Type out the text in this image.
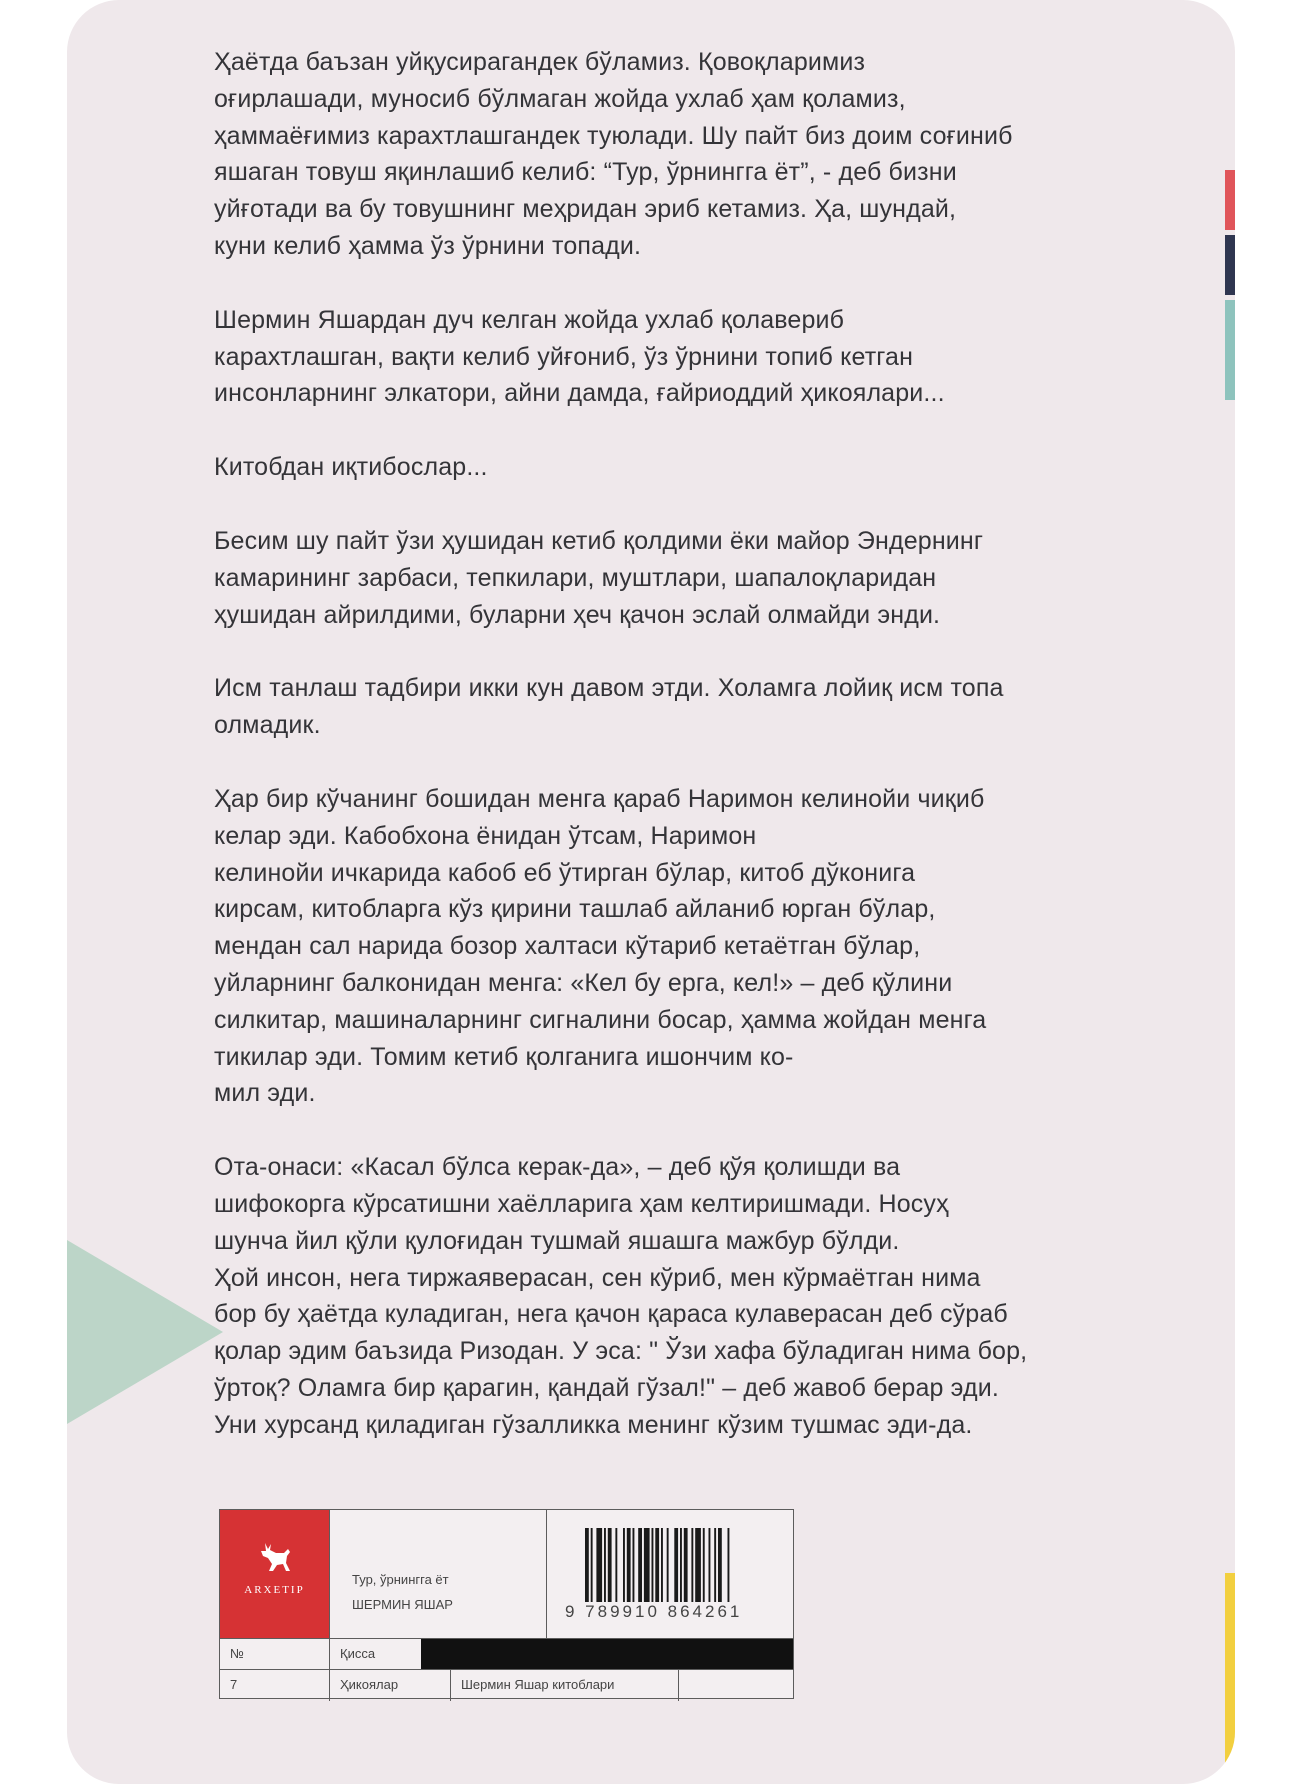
Ҳаётда баъзан уйқусирагандек бўламиз. Қовоқларимиз
оғирлашади, муносиб бўлмаган жойда ухлаб ҳам қоламиз,
ҳаммаёғимиз карахтлашгандек туюлади. Шу пайт биз доим соғиниб
яшаган товуш яқинлашиб келиб: “Тур, ўрнингга ёт”, - деб бизни
уйғотади ва бу товушнинг меҳридан эриб кетамиз. Ҳа, шундай,
куни келиб ҳамма ўз ўрнини топади.

Шермин Яшардан дуч келган жойда ухлаб қолавериб
карахтлашган, вақти келиб уйғониб, ўз ўрнини топиб кетган
инсонларнинг элкатори, айни дамда, ғайриоддий ҳикоялари...

Китобдан иқтибослар...

Бесим шу пайт ўзи ҳушидан кетиб қолдими ёки майор Эндернинг
камарининг зарбаси, тепкилари, муштлари, шапалоқларидан
ҳушидан айрилдими, буларни ҳеч қачон эслай олмайди энди.

Исм танлаш тадбири икки кун давом этди. Холамга лойиқ исм топа
олмадик.

Ҳар бир кўчанинг бошидан менга қараб Наримон келинойи чиқиб
келар эди. Кабобхона ёнидан ўтсам, Наримон
келинойи ичкарида кабоб еб ўтирган бўлар, китоб дўконига
кирсам, китобларга кўз қирини ташлаб айланиб юрган бўлар,
мендан сал нарида бозор халтаси кўтариб кетаётган бўлар,
уйларнинг балконидан менга: «Кел бу ерга, кел!» – деб қўлини
силкитар, машиналарнинг сигналини босар, ҳамма жойдан менга
тикилар эди. Томим кетиб қолганига ишончим ко-
мил эди.

Ота-онаси: «Касал бўлса керак-да», – деб қўя қолишди ва
шифокорга кўрсатишни хаёлларига ҳам келтиришмади. Носуҳ
шунча йил қўли қулоғидан тушмай яшашга мажбур бўлди.
Ҳой инсон, нега тиржаяверасан, сен кўриб, мен кўрмаётган нима
бор бу ҳаётда куладиган, нега қачон қараса кулаверасан деб сўраб
қолар эдим баъзида Ризодан. У эса: " Ўзи хафа бўладиган нима бор,
ўртоқ? Оламга бир қарагин, қандай гўзал!" – деб жавоб берар эди.
Уни хурсанд қиладиган гўзалликка менинг кўзим тушмас эди-да.

ARXETIP
Тур, ўрнингга ёт
ШЕРМИН ЯШАР	9 789910 864261
№	Қисса
7	Ҳикоялар	Шермин Яшар китоблари
